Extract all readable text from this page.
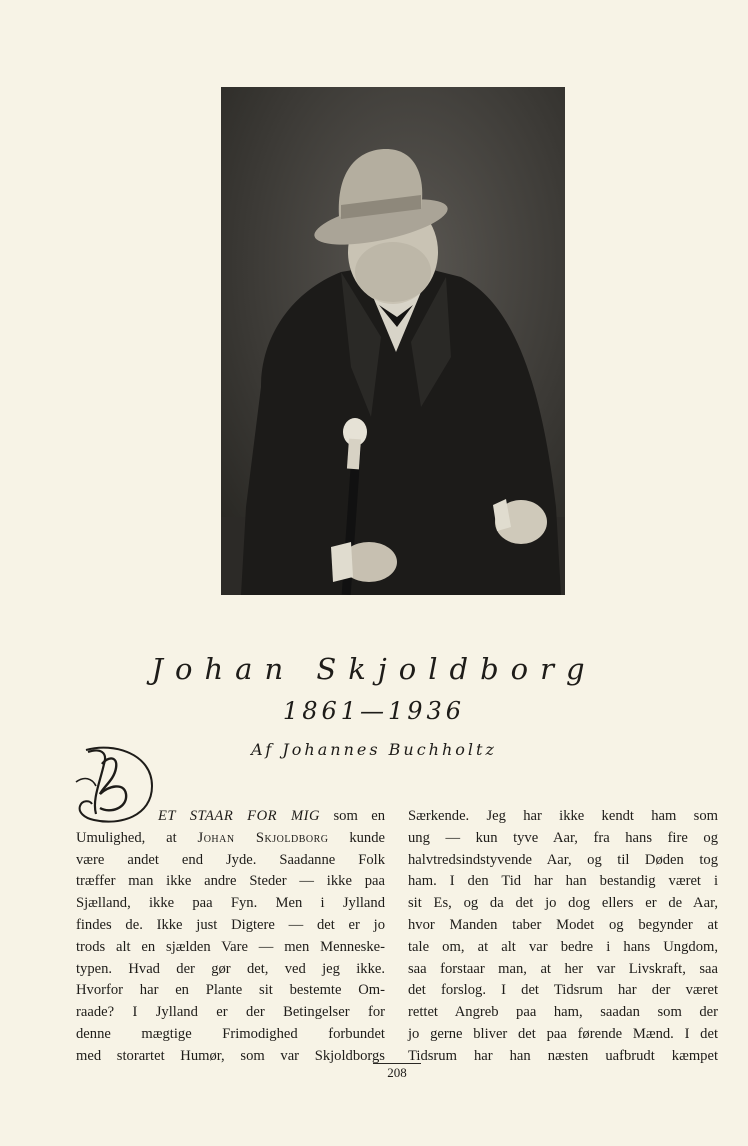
Johan Skjoldborg
1861—1936
Af Johannes Buchholtz
ET STAAR FOR MIG som en
Umulighed, at Johan Skjoldborg kunde
være andet end Jyde. Saadanne Folk
træffer man ikke andre Steder — ikke paa
Sjælland, ikke paa Fyn. Men i Jylland
findes de. Ikke just Digtere — det er jo
trods alt en sjælden Vare — men Menneske-
typen. Hvad der gør det, ved jeg ikke.
Hvorfor har en Plante sit bestemte Om-
raade? I Jylland er der Betingelser for
denne mægtige Frimodighed forbundet
med storartet Humør, som var Skjoldborgs
Særkende. Jeg har ikke kendt ham som
ung — kun tyve Aar, fra hans fire og
halvtredsindstyvende Aar, og til Døden tog
ham. I den Tid har han bestandig været i
sit Es, og da det jo dog ellers er de Aar,
hvor Manden taber Modet og begynder at
tale om, at alt var bedre i hans Ungdom,
saa forstaar man, at her var Livskraft, saa
det forslog. I det Tidsrum har der været
rettet Angreb paa ham, saadan som der
jo gerne bliver det paa førende Mænd. I det
Tidsrum har han næsten uafbrudt kæmpet
208
